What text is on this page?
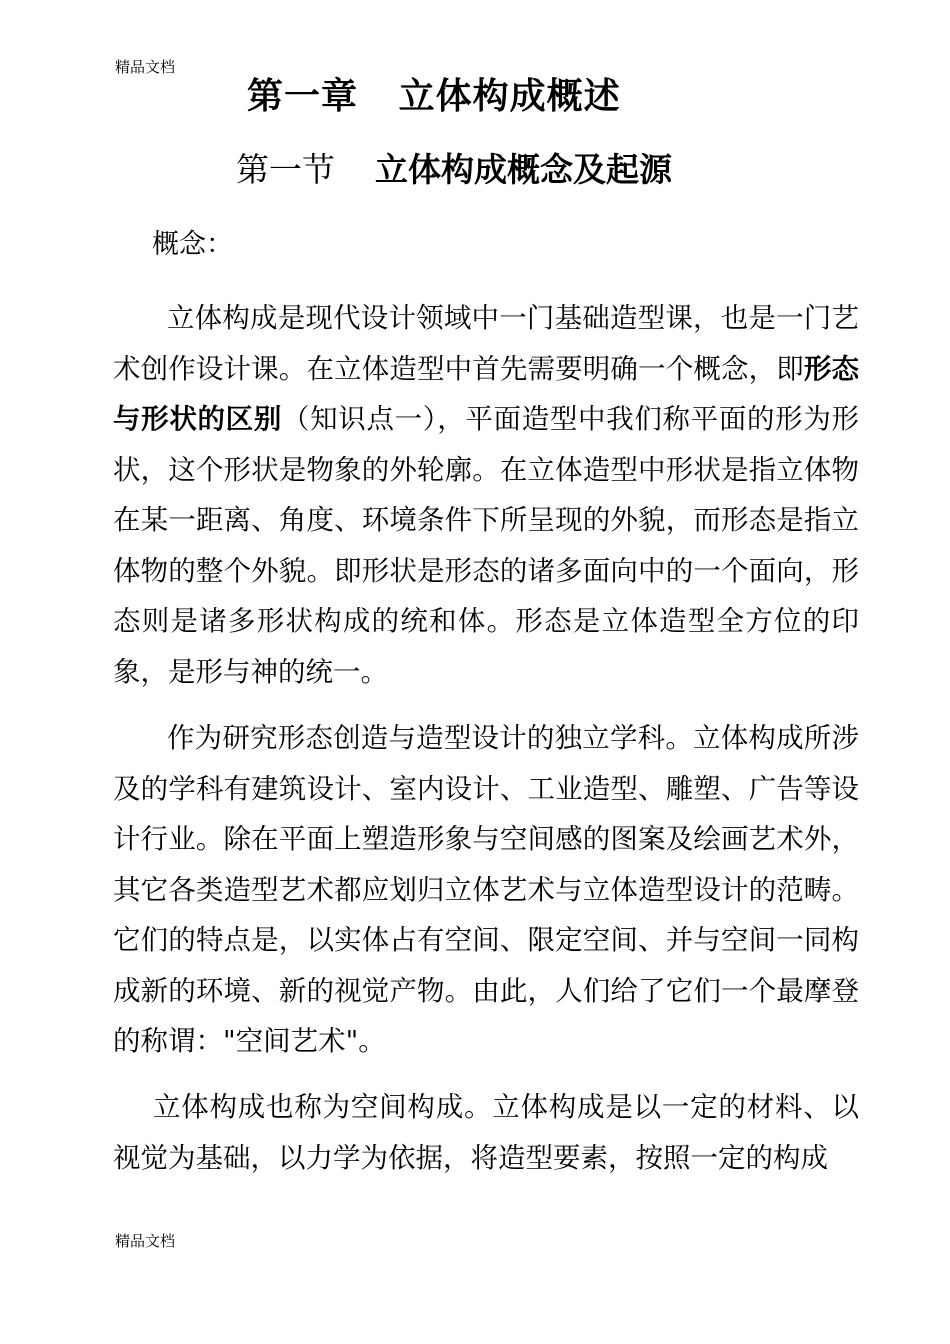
精品文档
第一章   立体构成概述
第一节 立体构成概念及起源
概念：

立体构成是现代设计领域中一门基础造型课，也是一门艺术创作设计课。在立体造型中首先需要明确一个概念，即形态与形状的区别（知识点一），平面造型中我们称平面的形为形状，这个形状是物象的外轮廓。在立体造型中形状是指立体物在某一距离、角度、环境条件下所呈现的外貌，而形态是指立体物的整个外貌。即形状是形态的诸多面向中的一个面向，形态则是诸多形状构成的统和体。形态是立体造型全方位的印象，是形与神的统一。

作为研究形态创造与造型设计的独立学科。立体构成所涉及的学科有建筑设计、室内设计、工业造型、雕塑、广告等设计行业。除在平面上塑造形象与空间感的图案及绘画艺术外，其它各类造型艺术都应划归立体艺术与立体造型设计的范畴。它们的特点是，以实体占有空间、限定空间、并与空间一同构成新的环境、新的视觉产物。由此，人们给了它们一个最摩登的称谓："空间艺术"。

立体构成也称为空间构成。立体构成是以一定的材料、以视觉为基础，以力学为依据，将造型要素，按照一定的构成

精品文档
